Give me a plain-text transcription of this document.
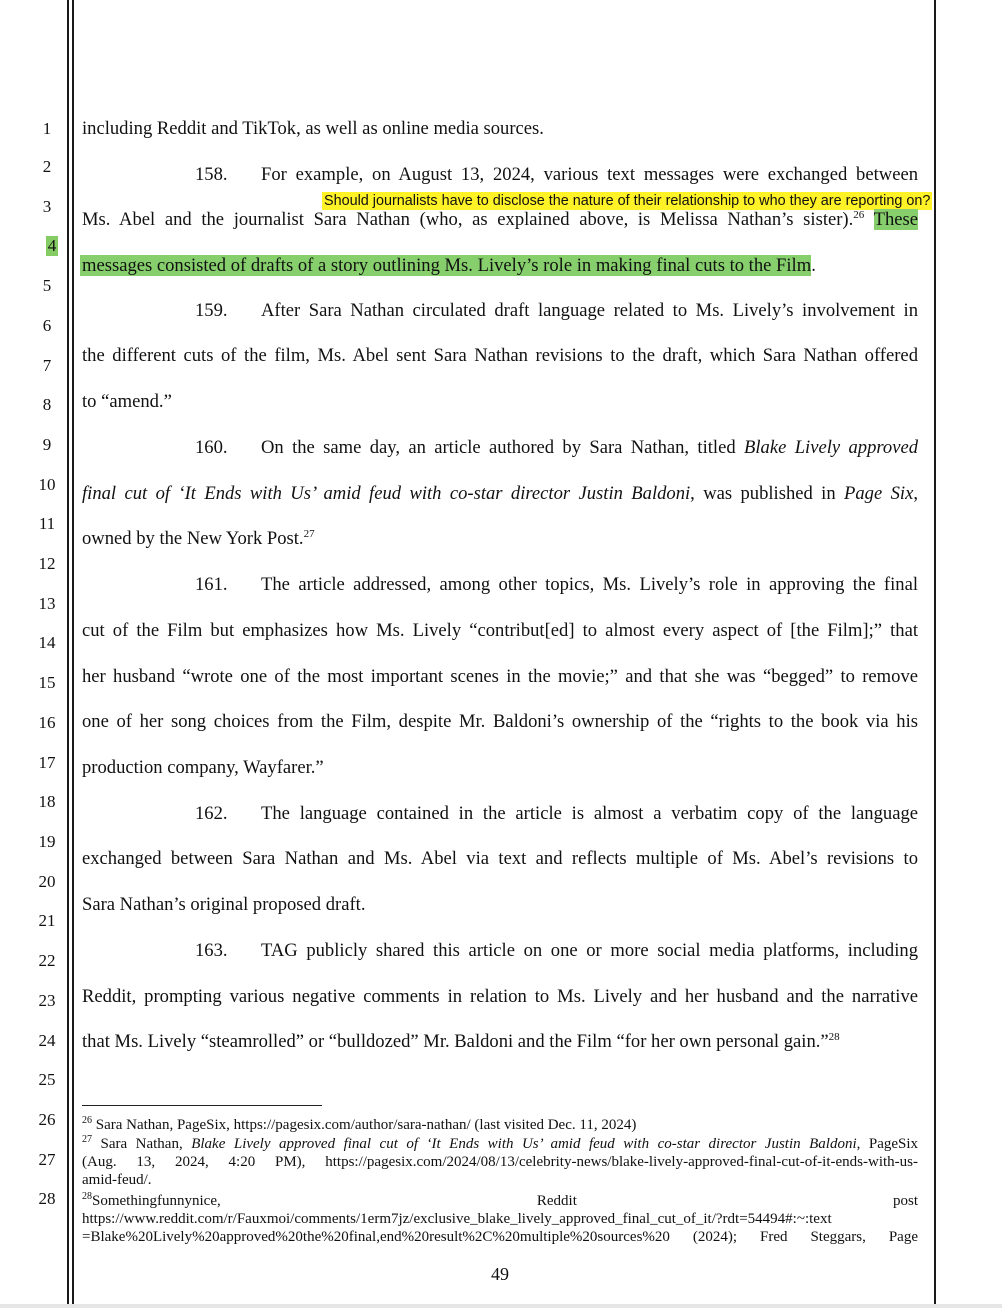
1
2
3
4
5
6
7
8
9
10
11
12
13
14
15
16
17
18
19
20
21
22
23
24
25
26
27
28
including Reddit and TikTok, as well as online media sources.
158. For example, on August 13, 2024, various text messages were exchanged between
Should journalists have to disclose the nature of their relationship to who they are reporting on?
Ms. Abel and the journalist Sara Nathan (who, as explained above, is Melissa Nathan’s sister).$^{26}$ These
messages consisted of drafts of a story outlining Ms. Lively’s role in making final cuts to the Film.
159. After Sara Nathan circulated draft language related to Ms. Lively’s involvement in
the different cuts of the film, Ms. Abel sent Sara Nathan revisions to the draft, which Sara Nathan offered
to “amend.”
160. On the same day, an article authored by Sara Nathan, titled Blake Lively approved
final cut of ‘It Ends with Us’ amid feud with co-star director Justin Baldoni, was published in Page Six,
owned by the New York Post.$^{27}$
161. The article addressed, among other topics, Ms. Lively’s role in approving the final
cut of the Film but emphasizes how Ms. Lively “contribut[ed] to almost every aspect of [the Film];” that
her husband “wrote one of the most important scenes in the movie;” and that she was “begged” to remove
one of her song choices from the Film, despite Mr. Baldoni’s ownership of the “rights to the book via his
production company, Wayfarer.”
162. The language contained in the article is almost a verbatim copy of the language
exchanged between Sara Nathan and Ms. Abel via text and reflects multiple of Ms. Abel’s revisions to
Sara Nathan’s original proposed draft.
163. TAG publicly shared this article on one or more social media platforms, including
Reddit, prompting various negative comments in relation to Ms. Lively and her husband and the narrative
that Ms. Lively “steamrolled” or “bulldozed” Mr. Baldoni and the Film “for her own personal gain.”$^{28}$
$^{26}$ Sara Nathan, PageSix, https://pagesix.com/author/sara-nathan/ (last visited Dec. 11, 2024)
$^{27}$ Sara Nathan, Blake Lively approved final cut of ‘It Ends with Us’ amid feud with co-star director Justin Baldoni, PageSix
(Aug. 13, 2024, 4:20 PM), https://pagesix.com/2024/08/13/celebrity-news/blake-lively-approved-final-cut-of-it-ends-with-us-
amid-feud/.
$^{28}$Somethingfunnynice,	Reddit	post
https://www.reddit.com/r/Fauxmoi/comments/1erm7jz/exclusive_blake_lively_approved_final_cut_of_it/?rdt=54494#:~:text
=Blake%20Lively%20approved%20the%20final,end%20result%2C%20multiple%20sources%20 (2024); Fred Steggars, Page
49
